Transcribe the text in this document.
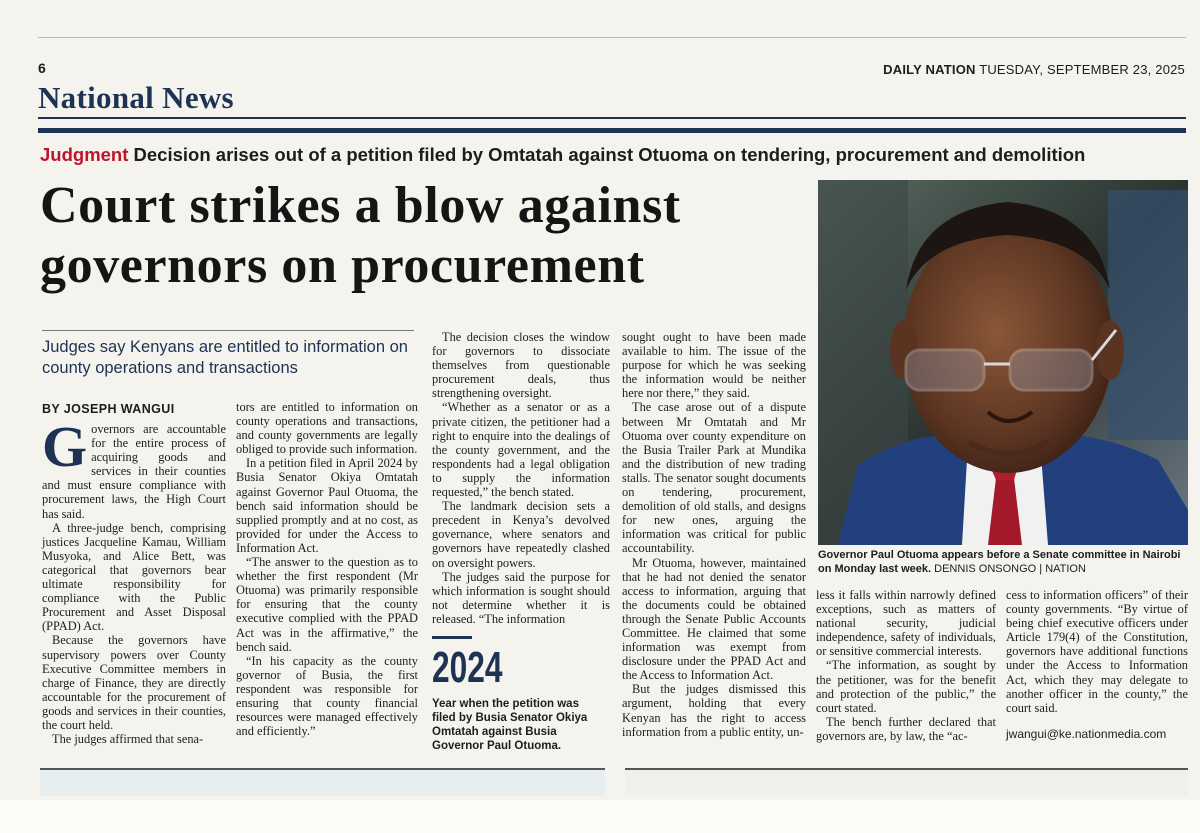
6	DAILY NATION TUESDAY, SEPTEMBER 23, 2025
National News
Judgment Decision arises out of a petition filed by Omtatah against Otuoma on tendering, procurement and demolition
Court strikes a blow against
governors on procurement
Governor Paul Otuoma appears before a Senate committee in Nairobi on Monday last week. DENNIS ONSONGO | NATION
Judges say Kenyans are entitled to information on county operations and transactions
BY JOSEPH WANGUI
G overnors are accountable for the entire process of acquiring goods and services in their counties and must ensure compliance with procurement laws, the High Court has said.

A three-judge bench, comprising justices Jacqueline Kamau, William Musyoka, and Alice Bett, was categorical that governors bear ultimate responsibility for compliance with the Public Procurement and Asset Disposal (PPAD) Act.

Because the governors have supervisory powers over County Executive Committee members in charge of Finance, they are directly accountable for the procurement of goods and services in their counties, the court held.

The judges affirmed that sena-

tors are entitled to information on county operations and transactions, and county governments are legally obliged to provide such information.

In a petition filed in April 2024 by Busia Senator Okiya Omtatah against Governor Paul Otuoma, the bench said information should be supplied promptly and at no cost, as provided for under the Access to Information Act.

“The answer to the question as to whether the first respondent (Mr Otuoma) was primarily responsible for ensuring that the county executive complied with the PPAD Act was in the affirmative,” the bench said.

“In his capacity as the county governor of Busia, the first respondent was responsible for ensuring that county financial resources were managed effectively and efficiently.”

The decision closes the window for governors to dissociate themselves from questionable procurement deals, thus strengthening oversight.

“Whether as a senator or as a private citizen, the petitioner had a right to enquire into the dealings of the county government, and the respondents had a legal obligation to supply the information requested,” the bench stated.

The landmark decision sets a precedent in Kenya’s devolved governance, where senators and governors have repeatedly clashed on oversight powers.

The judges said the purpose for which information is sought should not determine whether it is released. “The information

2024
Year when the petition was filed by Busia Senator Okiya Omtatah against Busia Governor Paul Otuoma.

sought ought to have been made available to him. The issue of the purpose for which he was seeking the information would be neither here nor there,” they said.

The case arose out of a dispute between Mr Omtatah and Mr Otuoma over county expenditure on the Busia Trailer Park at Mundika and the distribution of new trading stalls. The senator sought documents on tendering, procurement, demolition of old stalls, and designs for new ones, arguing the information was critical for public accountability.

Mr Otuoma, however, maintained that he had not denied the senator access to information, arguing that the documents could be obtained through the Senate Public Accounts Committee. He claimed that some information was exempt from disclosure under the PPAD Act and the Access to Information Act.

But the judges dismissed this argument, holding that every Kenyan has the right to access information from a public entity, un-

less it falls within narrowly defined exceptions, such as matters of national security, judicial independence, safety of individuals, or sensitive commercial interests.

“The information, as sought by the petitioner, was for the benefit and protection of the public,” the court stated.

The bench further declared that governors are, by law, the “ac-

cess to information officers” of their county governments. “By virtue of being chief executive officers under Article 179(4) of the Constitution, governors have additional functions under the Access to Information Act, which they may delegate to another officer in the county,” the court said.

jwangui@ke.nationmedia.com
